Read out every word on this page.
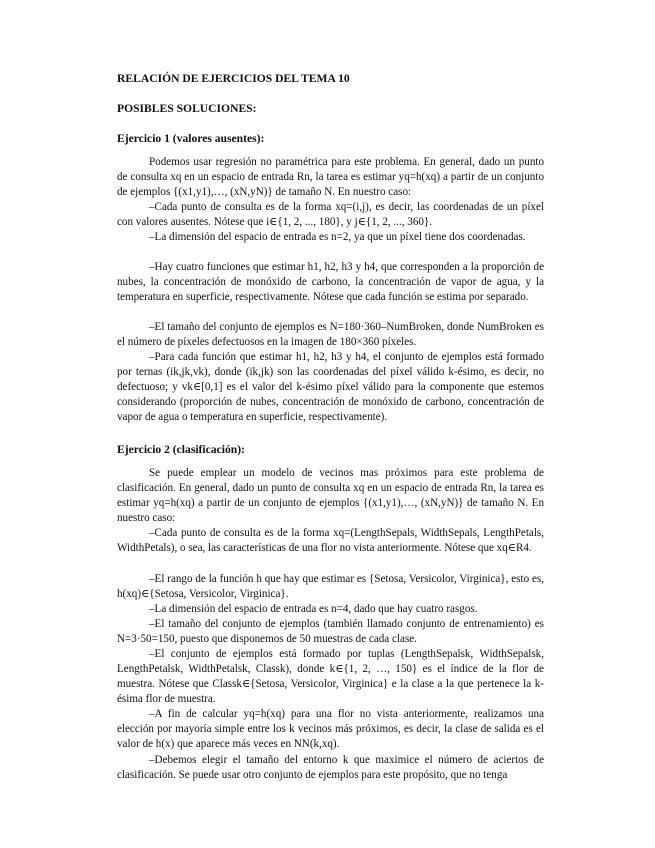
RELACIÓN DE EJERCICIOS DEL TEMA 10
POSIBLES SOLUCIONES:
Ejercicio 1 (valores ausentes):
Podemos usar regresión no paramétrica para este problema. En general, dado un punto de consulta xq en un espacio de entrada Rn, la tarea es estimar yq=h(xq) a partir de un conjunto de ejemplos {(x1,y1),…, (xN,yN)} de tamaño N. En nuestro caso:
–Cada punto de consulta es de la forma xq=(i,j), es decir, las coordenadas de un píxel con valores ausentes. Nótese que i∈{1, 2, ..., 180}, y j∈{1, 2, ..., 360}.
–La dimensión del espacio de entrada es n=2, ya que un píxel tiene dos coordenadas.
–Hay cuatro funciones que estimar h1, h2, h3 y h4, que corresponden a la proporción de nubes, la concentración de monóxido de carbono, la concentración de vapor de agua, y la temperatura en superficie, respectivamente. Nótese que cada función se estima por separado.
–El tamaño del conjunto de ejemplos es N=180·360–NumBroken, donde NumBroken es el número de píxeles defectuosos en la imagen de 180×360 píxeles.
–Para cada función que estimar h1, h2, h3 y h4, el conjunto de ejemplos está formado por ternas (ik,jk,vk), donde (ik,jk) son las coordenadas del píxel válido k-ésimo, es decir, no defectuoso; y vk∈[0,1] es el valor del k-ésimo píxel válido para la componente que estemos considerando (proporción de nubes, concentración de monóxido de carbono, concentración de vapor de agua o temperatura en superficie, respectivamente).
Ejercicio 2 (clasificación):
Se puede emplear un modelo de vecinos mas próximos para este problema de clasificación. En general, dado un punto de consulta xq en un espacio de entrada Rn, la tarea es estimar yq=h(xq) a partir de un conjunto de ejemplos {(x1,y1),…, (xN,yN)} de tamaño N. En nuestro caso:
–Cada punto de consulta es de la forma xq=(LengthSepals, WidthSepals, LengthPetals, WidthPetals), o sea, las características de una flor no vista anteriormente. Nótese que xq∈R4.
–El rango de la función h que hay que estimar es {Setosa, Versicolor, Virginica}, esto es, h(xq)∈{Setosa, Versicolor, Virginica}.
–La dimensión del espacio de entrada es n=4, dado que hay cuatro rasgos.
–El tamaño del conjunto de ejemplos (también llamado conjunto de entrenamiento) es N=3·50=150, puesto que disponemos de 50 muestras de cada clase.
–El conjunto de ejemplos está formado por tuplas (LengthSepalsk, WidthSepalsk, LengthPetalsk, WidthPetalsk, Classk), donde k∈{1, 2, …, 150} es el índice de la flor de muestra. Nótese que Classk∈{Setosa, Versicolor, Virginica} e la clase a la que pertenece la k-ésima flor de muestra.
–A fin de calcular yq=h(xq) para una flor no vista anteriormente, realizamos una elección por mayoría simple entre los k vecinos más próximos, es decir, la clase de salida es el valor de h(x) que aparece más veces en NN(k,xq).
–Debemos elegir el tamaño del entorno k que maximice el número de aciertos de clasificación. Se puede usar otro conjunto de ejemplos para este propósito, que no tenga
